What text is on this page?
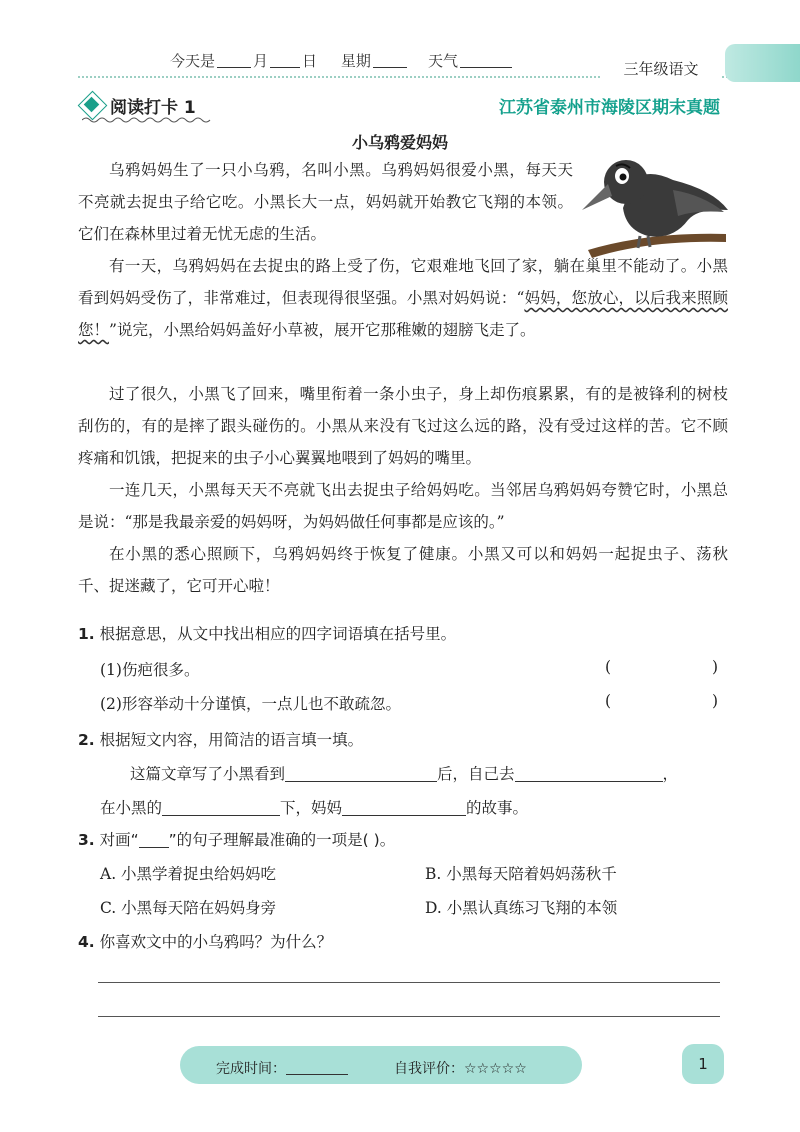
今天是	月 日 星期	天气	三年级语文
阅读打卡 1	江苏省泰州市海陵区期末真题
小乌鸦爱妈妈

乌鸦妈妈生了一只小乌鸦，名叫小黑。乌鸦妈妈很爱小黑，每天天不亮就去捉虫子给它吃。小黑长大一点，妈妈就开始教它飞翔的本领。它们在森林里过着无忧无虑的生活。

有一天，乌鸦妈妈在去捉虫的路上受了伤，它艰难地飞回了家，躺在巢里不能动了。小黑看到妈妈受伤了，非常难过，但表现得很坚强。小黑对妈妈说：“妈妈，您放心，以后我来照顾您！”说完，小黑给妈妈盖好小草被，展开它那稚嫩的翅膀飞走了。

过了很久，小黑飞了回来，嘴里衔着一条小虫子，身上却伤痕累累，有的是被锋利的树枝刮伤的，有的是摔了跟头碰伤的。小黑从来没有飞过这么远的路，没有受过这样的苦。它不顾疼痛和饥饿，把捉来的虫子小心翼翼地喂到了妈妈的嘴里。

一连几天，小黑每天天不亮就飞出去捉虫子给妈妈吃。当邻居乌鸦妈妈夸赞它时，小黑总是说：“那是我最亲爱的妈妈呀，为妈妈做任何事都是应该的。”

在小黑的悉心照顾下，乌鸦妈妈终于恢复了健康。小黑又可以和妈妈一起捉虫子、荡秋千、捉迷藏了，它可开心啦！

1. 根据意思，从文中找出相应的四字词语填在括号里。
(1)伤疤很多。	(	)
(2)形容举动十分谨慎，一点儿也不敢疏忽。	(	)
2. 根据短文内容，用简洁的语言填一填。
这篇文章写了小黑看到	后，自己去	，
在小黑的	下，妈妈	的故事。
3. 对画“ ”的句子理解最准确的一项是( )。
A. 小黑学着捉虫给妈妈吃	B. 小黑每天陪着妈妈荡秋千
C. 小黑每天陪在妈妈身旁	D. 小黑认真练习飞翔的本领
4. 你喜欢文中的小乌鸦吗？为什么？
完成时间：	自我评价：☆☆☆☆☆	1
